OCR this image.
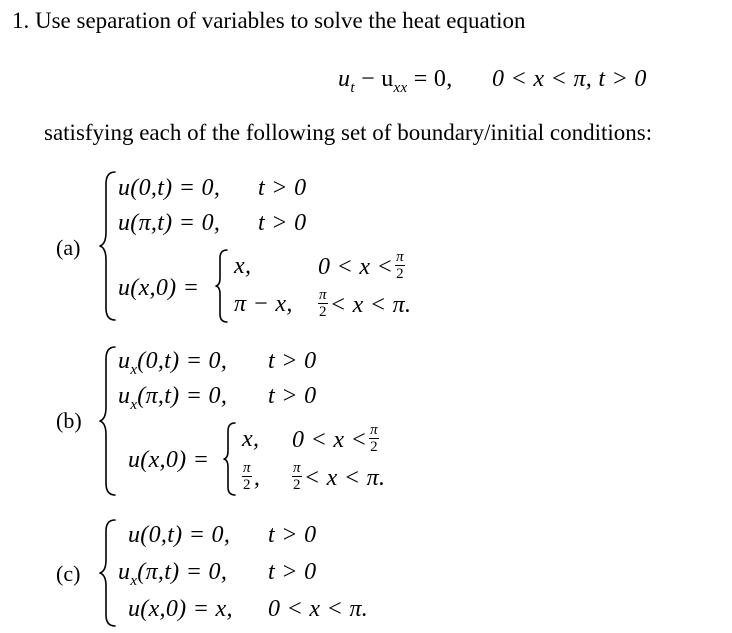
1. Use separation of variables to solve the heat equation
$u_t - u_{xx} = 0$, 0 < x < π, t > 0
satisfying each of the following set of boundary/initial conditions:
(a)
u(0,t) = 0, t > 0
u(π,t) = 0, t > 0
u(x,0) =
x,	$0 < x < \frac{\pi}{2}$
π − x, $\frac{\pi}{2} < x < \pi$.
(b)
$u_x(0,t) = 0$, t > 0
$u_x(\pi,t) = 0$, t > 0
u(x,0) =
x, $0 < x < \frac{\pi}{2}$
$\frac{\pi}{2}$ , $\frac{\pi}{2} < x < \pi$.
(c)
u(0,t) = 0, t > 0
$u_x(\pi,t) = 0$, t > 0
u(x,0) = x, 0 < x < π.
